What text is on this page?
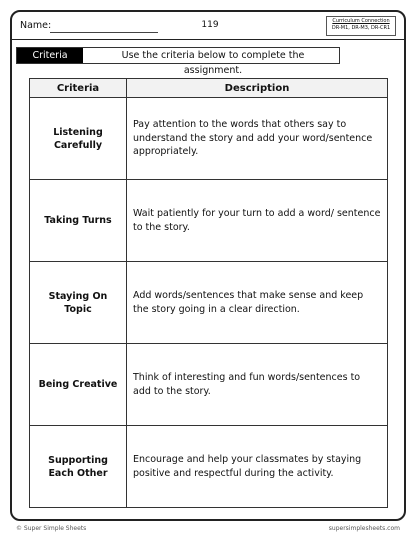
Name:	119	Curriculum Connection
DR-M1, DR-M3, DR-CR1
Criteria	Use the criteria below to complete the assignment.
Criteria	Description
Listening Carefully	Pay attention to the words that others say to understand the story and add your word/sentence appropriately.
Taking Turns	Wait patiently for your turn to add a word/ sentence to the story.
Staying On Topic	Add words/sentences that make sense and keep the story going in a clear direction.
Being Creative	Think of interesting and fun words/sentences to add to the story.
Supporting Each Other	Encourage and help your classmates by staying positive and respectful during the activity.
© Super Simple Sheets	supersimplesheets.com
